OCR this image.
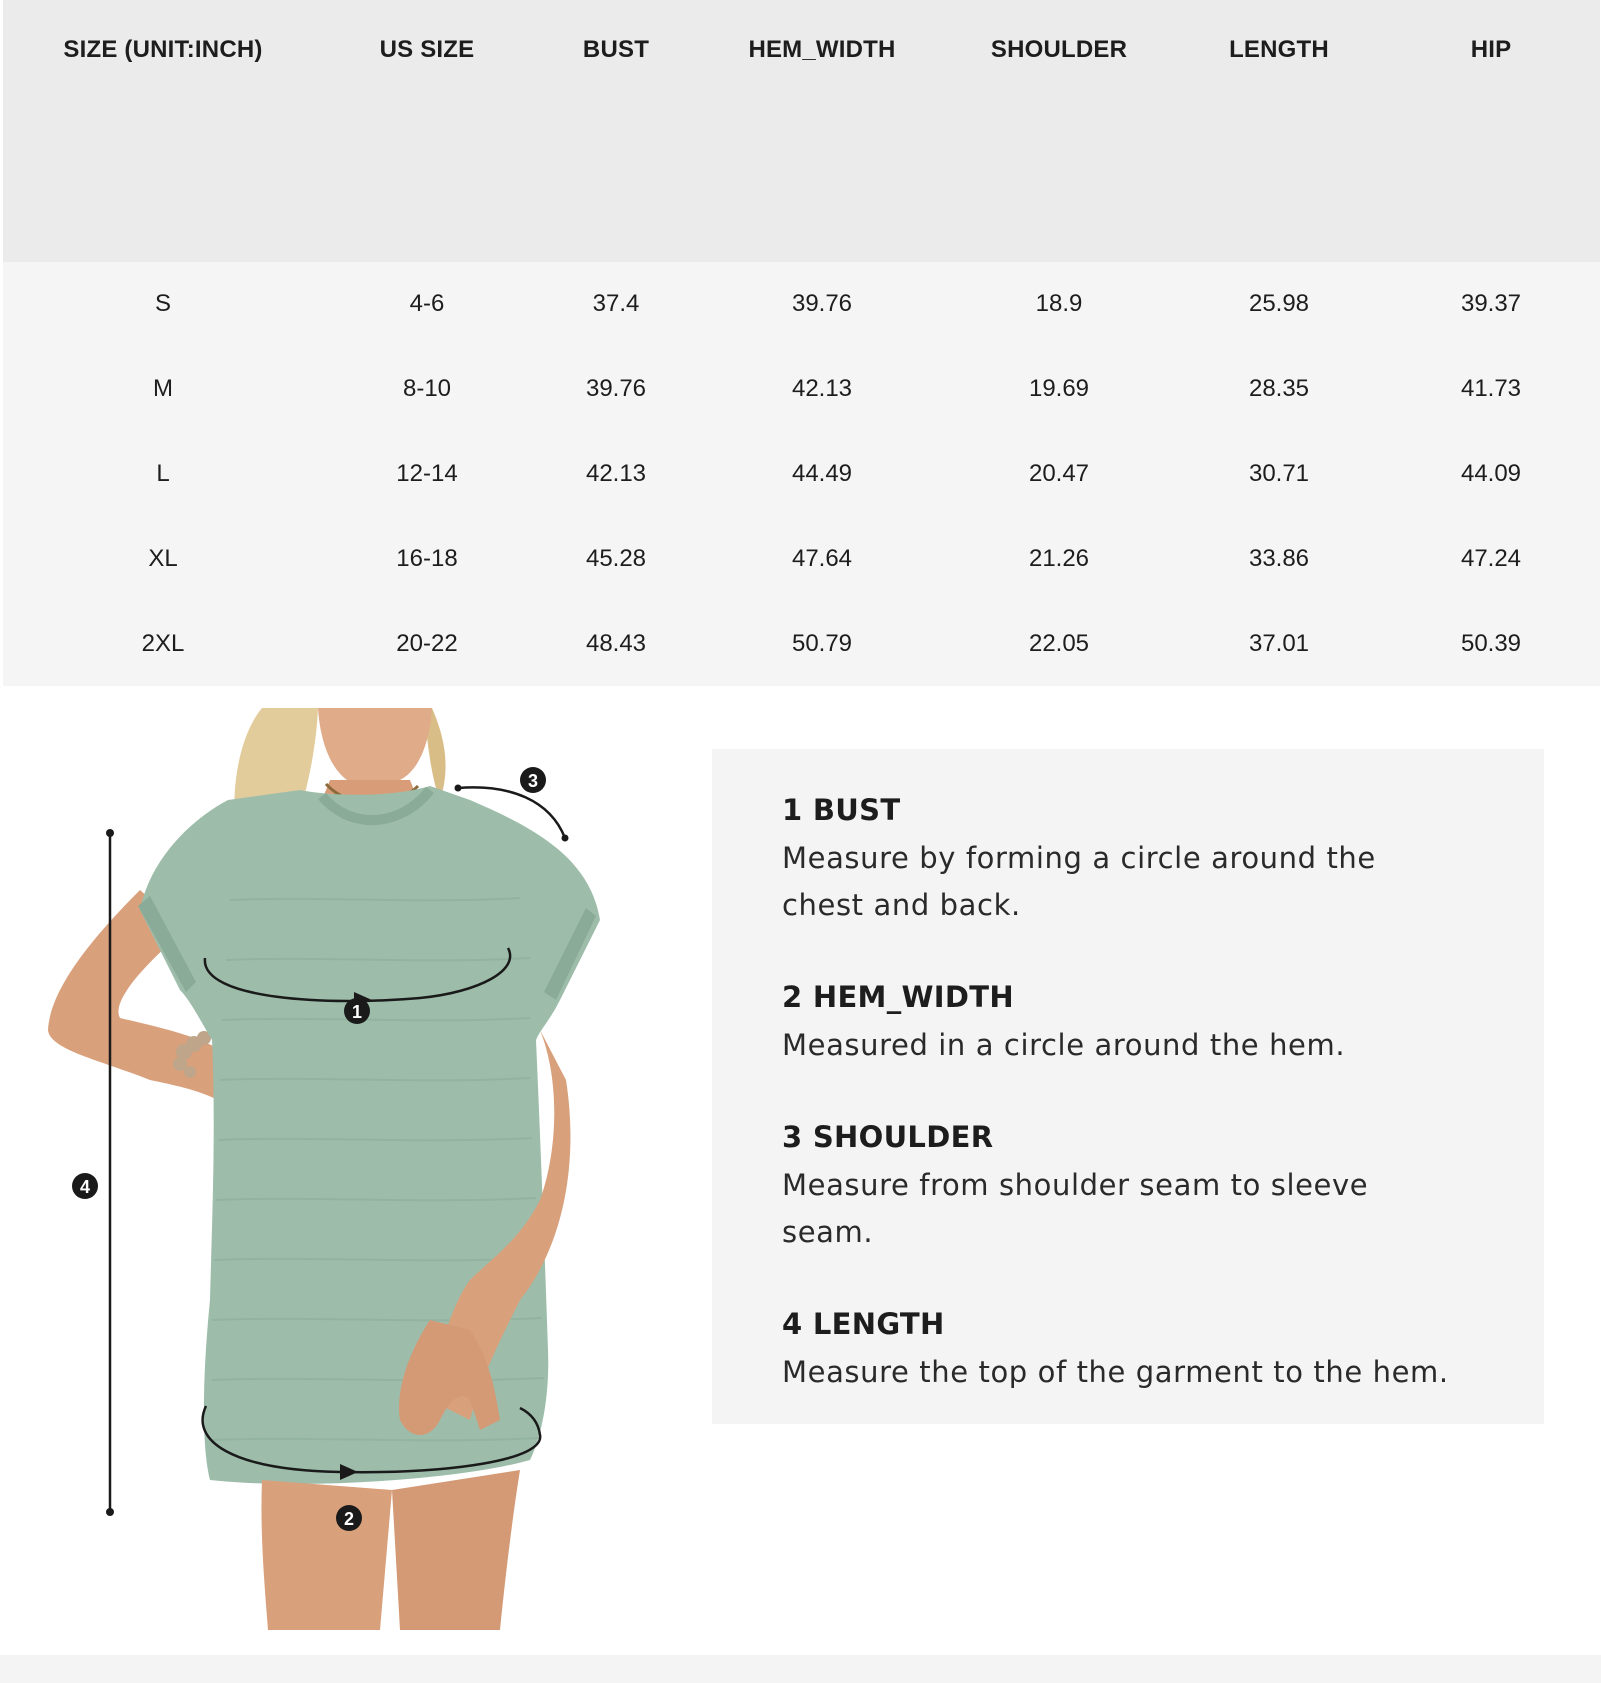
SIZE (UNIT:INCH)	US SIZE	BUST	HEM_WIDTH	SHOULDER	LENGTH	HIP
S	4-6	37.4	39.76	18.9	25.98	39.37
M	8-10	39.76	42.13	19.69	28.35	41.73
L	12-14	42.13	44.49	20.47	30.71	44.09
XL	16-18	45.28	47.64	21.26	33.86	47.24
2XL	20-22	48.43	50.79	22.05	37.01	50.39
1
2
3
4
1 BUST
Measure by forming a circle around the
chest and back.
2 HEM_WIDTH
Measured in a circle around the hem.
3 SHOULDER
Measure from shoulder seam to sleeve
seam.
4 LENGTH
Measure the top of the garment to the hem.
